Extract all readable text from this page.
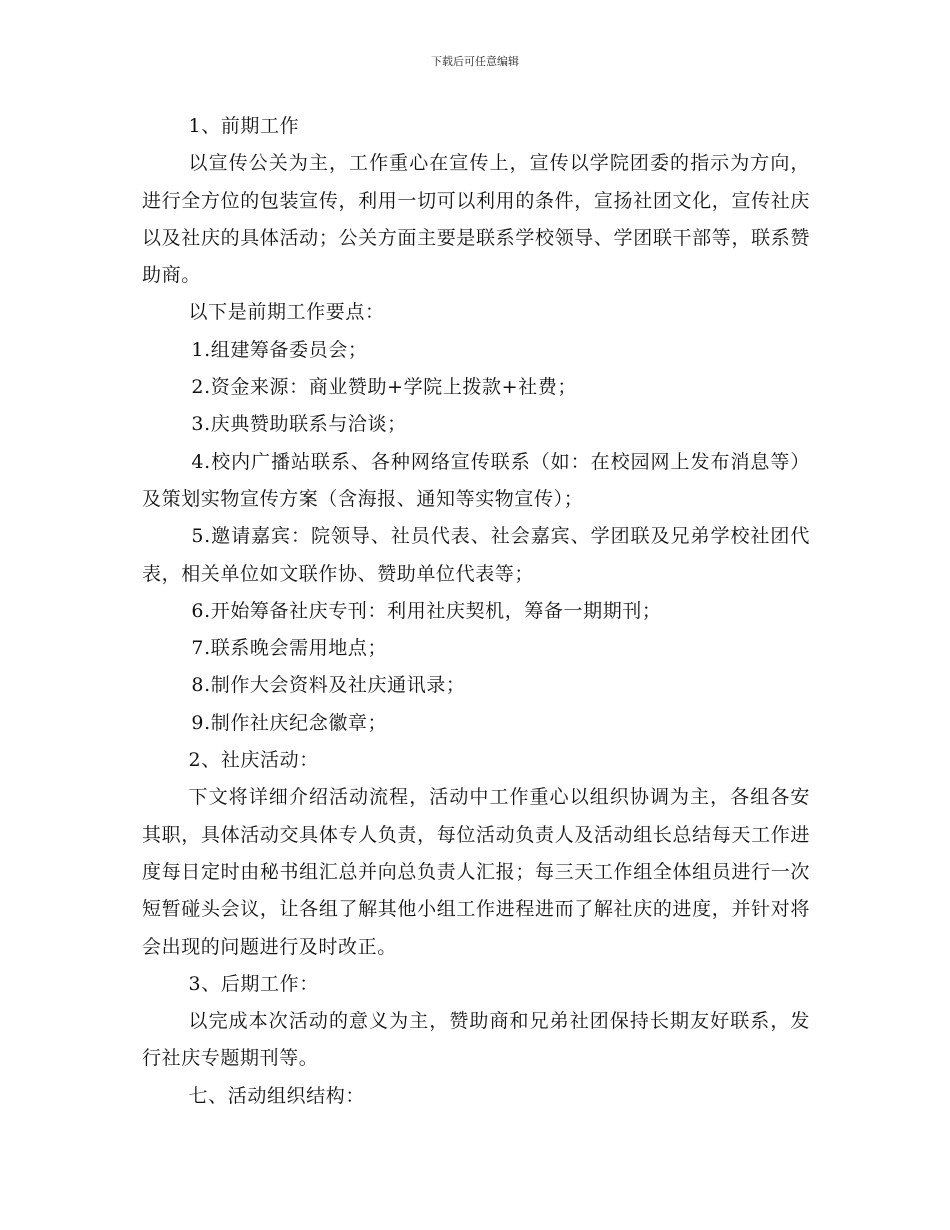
下载后可任意编辑

1、前期工作

以宣传公关为主，工作重心在宣传上，宣传以学院团委的指示为方向，进行全方位的包装宣传，利用一切可以利用的条件，宣扬社团文化，宣传社庆以及社庆的具体活动；公关方面主要是联系学校领导、学团联干部等，联系赞助商。

以下是前期工作要点：

1.组建筹备委员会；

2.资金来源：商业赞助+学院上拨款+社费；

3.庆典赞助联系与洽谈；

4.校内广播站联系、各种网络宣传联系（如：在校园网上发布消息等）及策划实物宣传方案（含海报、通知等实物宣传）；

5.邀请嘉宾：院领导、社员代表、社会嘉宾、学团联及兄弟学校社团代表，相关单位如文联作协、赞助单位代表等；

6.开始筹备社庆专刊：利用社庆契机，筹备一期期刊；

7.联系晚会需用地点；

8.制作大会资料及社庆通讯录；

9.制作社庆纪念徽章；

2、社庆活动：

下文将详细介绍活动流程，活动中工作重心以组织协调为主，各组各安其职，具体活动交具体专人负责，每位活动负责人及活动组长总结每天工作进度每日定时由秘书组汇总并向总负责人汇报；每三天工作组全体组员进行一次短暂碰头会议，让各组了解其他小组工作进程进而了解社庆的进度，并针对将会出现的问题进行及时改正。

3、后期工作：

以完成本次活动的意义为主，赞助商和兄弟社团保持长期友好联系，发行社庆专题期刊等。

七、活动组织结构：
